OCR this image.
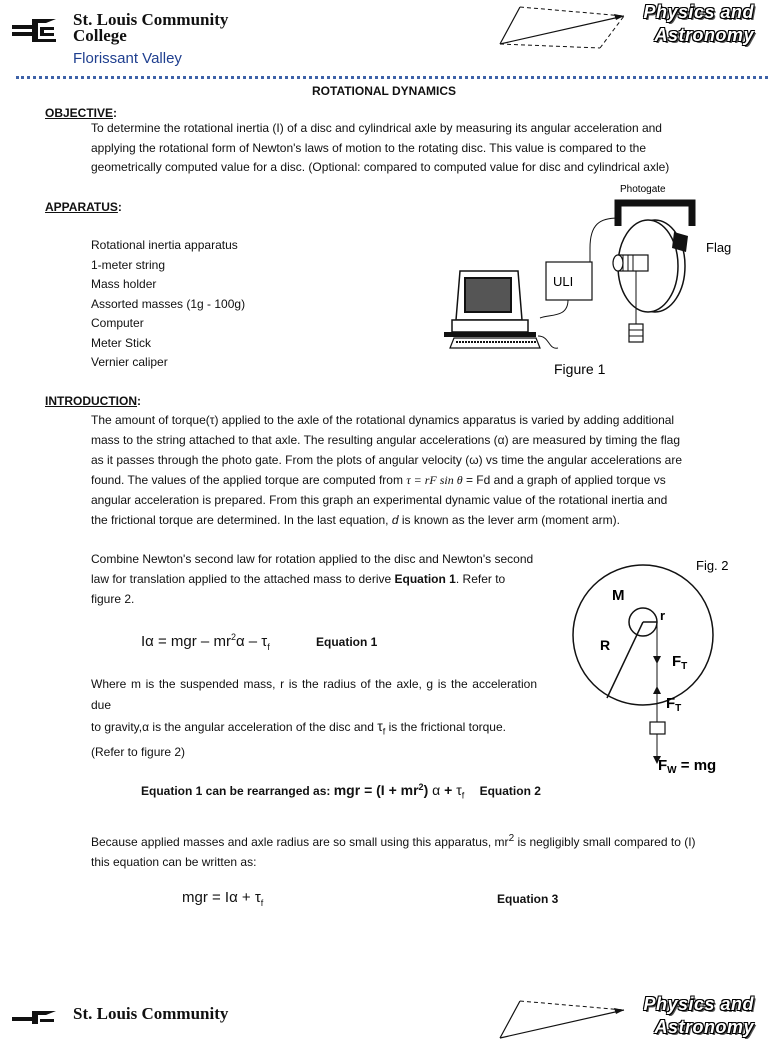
St. Louis Community
College
Florissant Valley
Physics and
Astronomy
ROTATIONAL DYNAMICS
OBJECTIVE:
To determine the rotational inertia (I) of a disc and cylindrical axle by measuring its angular acceleration and
applying the rotational form of Newton's laws of motion to the rotating disc. This value is compared to the
geometrically computed value for a disc. (Optional: compared to computed value for disc and cylindrical axle)
APPARATUS:
Rotational inertia apparatus
1-meter string
Mass holder
Assorted masses (1g - 100g)
Computer
Meter Stick
Vernier caliper
Photogate
Flag
ULI
Figure 1
INTRODUCTION:
The amount of torque(τ) applied to the axle of the rotational dynamics apparatus is varied by adding additional
mass to the string attached to that axle. The resulting angular accelerations (α) are measured by timing the flag
as it passes through the photo gate. From the plots of angular velocity (ω) vs time the angular accelerations are
found. The values of the applied torque are computed from τ = rF sin θ = Fd and a graph of applied torque vs
angular acceleration is prepared. From this graph an experimental dynamic value of the rotational inertia and
the frictional torque are determined. In the last equation, d is known as the lever arm (moment arm).
Combine Newton's second law for rotation applied to the disc and Newton's second
law for translation applied to the attached mass to derive Equation 1. Refer to
figure 2.
Iα = mgr – $mr^2\alpha - \tau_f$	Equation 1
Where m is the suspended mass, r is the radius of the axle, g is the acceleration due
to gravity,α is the angular acceleration of the disc and $\tau_f$ is the frictional torque.
(Refer to figure 2)
Fig. 2
M
r
R
$F_T$
$F_T$
$F_W$ = mg
Equation 1 can be rearranged as: mgr = $(I + mr^2)$ $\alpha + \tau_f$ Equation 2
Because applied masses and axle radius are so small using this apparatus, $mr^2$ is negligibly small compared to (I)
this equation can be written as:
mgr = $I\alpha + \tau_f$	Equation 3
St. Louis Community	Physics and
Astronomy
